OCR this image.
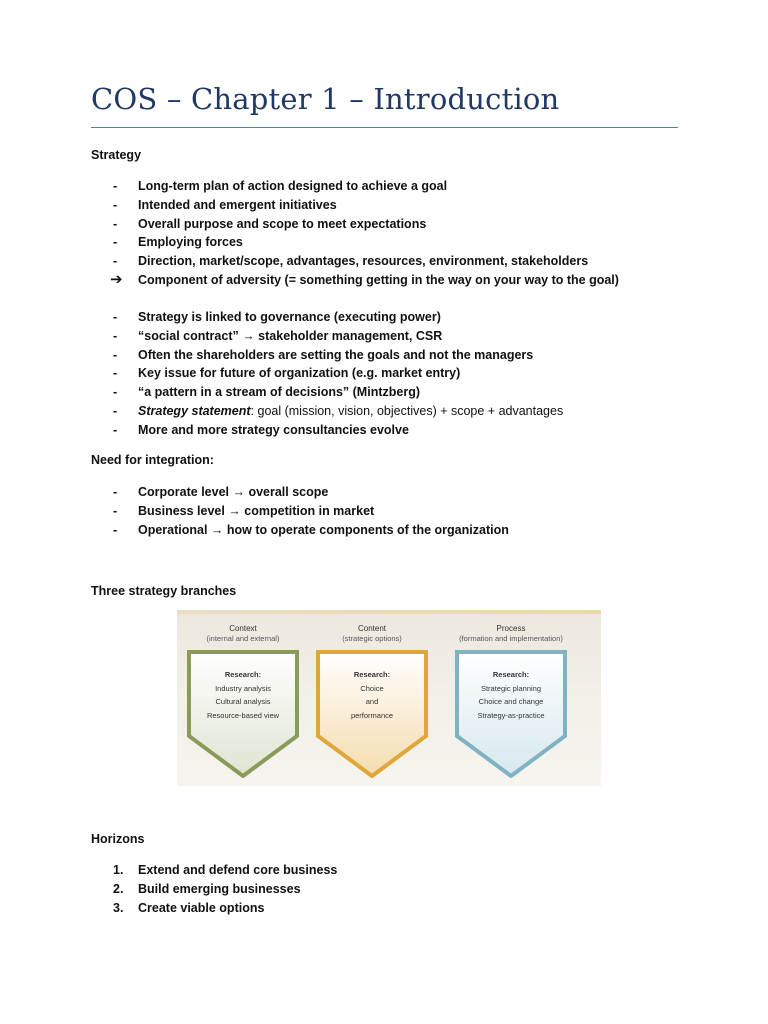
COS – Chapter 1 – Introduction
Strategy
-	Long-term plan of action designed to achieve a goal
-	Intended and emergent initiatives
-	Overall purpose and scope to meet expectations
-	Employing forces
-	Direction, market/scope, advantages, resources, environment, stakeholders
➔	Component of adversity (= something getting in the way on your way to the goal)
-	Strategy is linked to governance (executing power)
-	“social contract” → stakeholder management, CSR
-	Often the shareholders are setting the goals and not the managers
-	Key issue for future of organization (e.g. market entry)
-	“a pattern in a stream of decisions” (Mintzberg)
-	Strategy statement: goal (mission, vision, objectives) + scope + advantages
-	More and more strategy consultancies evolve
Need for integration:
-	Corporate level → overall scope
-	Business level → competition in market
-	Operational → how to operate components of the organization
Three strategy branches
Context
(internal and external)
Research:
Industry analysis
Cultural analysis
Resource-based view
Content
(strategic options)
Research:
Choice
and
performance
Process
(formation and implementation)
Research:
Strategic planning
Choice and change
Strategy-as-practice
Horizons
1.	Extend and defend core business
2.	Build emerging businesses
3.	Create viable options
